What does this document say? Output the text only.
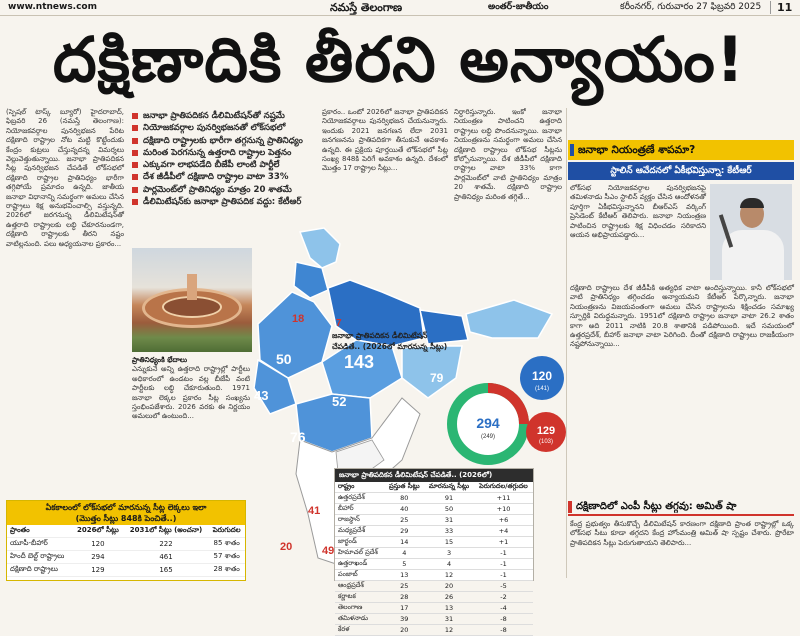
www.ntnews.com	నమస్తే తెలంగాణ	అంతర్-జాతీయం	కరీంనగర్, గురువారం 27 ఫిబ్రవరి 2025	11
దక్షిణాదికి తీరని అన్యాయం!
(స్పెషల్ టాస్క్ బ్యూరో) హైదరాబాద్, ఫిబ్రవరి 26 (నమస్తే తెలంగాణ): నియోజకవర్గాల పునర్విభజన పేరిట దక్షిణాది రాష్ట్రాల నోట మట్టి కొట్టేందుకు కేంద్రం కుట్రలు చేస్తున్నదన్న విమర్శలు వెల్లువెత్తుతున్నాయి. జనాభా ప్రాతిపదికన సీట్ల పునర్విభజన చేపడితే లోక్‌సభలో దక్షిణాది రాష్ట్రాల ప్రాతినిధ్యం భారీగా తగ్గిపోయే ప్రమాదం ఉన్నది. జాతీయ జనాభా విధానాన్ని సమర్థంగా అమలు చేసిన రాష్ట్రాలు శిక్ష అనుభవించాల్సి వస్తున్నది. 2026లో జరగనున్న డీలిమిటేషన్‌తో ఉత్తరాది రాష్ట్రాలకు లబ్ధి చేకూరనుండగా, దక్షిణాది రాష్ట్రాలకు తీరని నష్టం వాటిల్లనుంది. పలు అధ్యయనాల ప్రకారం...
జనాభా ప్రాతిపదికన డీలిమిటేషన్‌తో నష్టమే
నియోజకవర్గాల పునర్విభజనతో లోక్‌సభలో
దక్షిణాది రాష్ట్రాలకు భారీగా తగ్గనున్న ప్రాతినిధ్యం
మరింత పెరగనున్న ఉత్తరాది రాష్ట్రాల పెత్తనం
ఎక్కువగా లాభపడేది బీజేపీ లాంటి పార్టీలే
దేశ జీడీపీలో దక్షిణాది రాష్ట్రాల వాటా 33%
పార్లమెంట్‌లో ప్రాతినిధ్యం మాత్రం 20 శాతమే
డీలిమిటేషన్‌కు జనాభా ప్రాతిపదిక వద్దు: కేటీఆర్
ప్రకారం.. ఒంటో 2026లో జనాభా ప్రాతిపదికన నియోజకవర్గాలు పునర్విభజన చేయనున్నారు. ఇందుకు 2021 జనగణన లేదా 2031 జనగణనను ప్రాతిపదికగా తీసుకునే అవకాశం ఉన్నది. ఈ ప్రక్రియ పూర్తయితే లోక్‌సభలో సీట్ల సంఖ్య 848కి పెరిగే అవకాశం ఉన్నది. దేశంలో మొత్తం 17 రాష్ట్రాల సీట్లు...
నిర్ధారిస్తున్నారు. ఇంకో జనాభా నియంత్రణ పాటించని ఉత్తరాది రాష్ట్రాలు లబ్ధి పొందనున్నాయి. జనాభా నియంత్రణను సమర్థంగా అమలు చేసిన దక్షిణాది రాష్ట్రాలు లోక్‌సభ సీట్లను కోల్పోనున్నాయి. దేశ జీడీపీలో దక్షిణాది రాష్ట్రాల వాటా 33% కాగా పార్లమెంట్‌లో వాటి ప్రాతినిధ్యం మాత్రం 20 శాతమే. దక్షిణాది రాష్ట్రాల ప్రాతినిధ్యం మరింత తగ్గితే...
ప్రాతినిధ్యంకి భేదాలు
ఎన్నుకునే అన్ని ఉత్తరాది రాష్ట్రాల్లో పార్టీలు అధికారంలో ఉండటం వల్ల బీజేపీ వంటి పార్టీలకు లబ్ధి చేకూరుతుంది. 1971 జనాభా లెక్కల ప్రకారం సీట్ల సంఖ్యను స్తంభింపజేశారు. 2026 వరకు ఈ నిర్ణయం అమలులో ఉంటుంది...
18	7
143
79
50
52
43
76
41
20	49
జనాభా ప్రాతిపదికన డీలిమిటేషన్
చేపడితే.. (2026లో మారనున్న సీట్లు)
294
(249)
120
(141)
129
(103)
జనాభా ప్రాతిపదికన డీలిమిటేషన్ చేపడితే.. (2026లో)
రాష్ట్రం	ప్రస్తుత సీట్లు	మారనున్న సీట్లు	పెరుగుదల/తగ్గుదల
ఉత్తరప్రదేశ్	80	91	+11
బీహార్	40	50	+10
రాజస్థాన్	25	31	+6
మధ్యప్రదేశ్	29	33	+4
జార్ఖండ్	14	15	+1
హిమాచల్ ప్రదేశ్	4	3	-1
ఉత్తరాఖండ్	5	4	-1
పంజాబ్	13	12	-1
ఆంధ్రప్రదేశ్	25	20	-5
కర్ణాటక	28	26	-2
తెలంగాణ	17	13	-4
తమిళనాడు	39	31	-8
కేరళ	20	12	-8
ఏకకాలంలో లోక్‌సభలో మారనున్న సీట్ల లెక్కలు ఇలా
(మొత్తం సీట్లు 848కి పెంచితే..)
ప్రాంతం	2026లో సీట్లు	2031లో సీట్లు (అంచనా)	పెరుగుదల
యూపీ-బీహార్	120	222	85 శాతం
హిందీ బెల్ట్ రాష్ట్రాలు	294	461	57 శాతం
దక్షిణాది రాష్ట్రాలు	129	165	28 శాతం
జనాభా నియంత్రణే శాపమా?
స్టాలిన్ ఆవేదనలో ఏకీభవిస్తున్నా: కేటీఆర్
లోక్‌సభ నియోజకవర్గాల పునర్విభజనపై తమిళనాడు సీఎం స్టాలిన్ వ్యక్తం చేసిన ఆందోళనతో పూర్తిగా ఏకీభవిస్తున్నానని బీఆర్‌ఎస్ వర్కింగ్ ప్రెసిడెంట్ కేటీఆర్ తెలిపారు. జనాభా నియంత్రణ పాటించిన రాష్ట్రాలకు శిక్ష విధించడం సరికాదని ఆయన అభిప్రాయపడ్డారు...
దక్షిణాది రాష్ట్రాలు దేశ జీడీపీకి అత్యధిక వాటా అందిస్తున్నాయి. కానీ లోక్‌సభలో వాటి ప్రాతినిధ్యం తగ్గించడం అన్యాయమని కేటీఆర్ పేర్కొన్నారు. జనాభా నియంత్రణను విజయవంతంగా అమలు చేసిన రాష్ట్రాలను శిక్షించడం సమాఖ్య స్ఫూర్తికి విరుద్ధమన్నారు. 1951లో దక్షిణాది రాష్ట్రాల జనాభా వాటా 26.2 శాతం కాగా అది 2011 నాటికి 20.8 శాతానికి పడిపోయింది. ఇదే సమయంలో ఉత్తరప్రదేశ్, బీహార్ జనాభా వాటా పెరిగింది. దీంతో దక్షిణాది రాష్ట్రాలు రాజకీయంగా నష్టపోనున్నాయి...
దక్షిణాదిలో ఎంపీ సీట్లు తగ్గవు: అమిత్ షా
కేంద్ర ప్రభుత్వం తీసుకొచ్చే డీలిమిటేషన్ కారణంగా దక్షిణాది ప్రాంత రాష్ట్రాల్లో ఒక్క లోక్‌సభ సీటు కూడా తగ్గదని కేంద్ర హోంమంత్రి అమిత్ షా స్పష్టం చేశారు. ప్రొరేటా ప్రాతిపదికన సీట్లు పెరుగుతాయని తెలిపారు...
